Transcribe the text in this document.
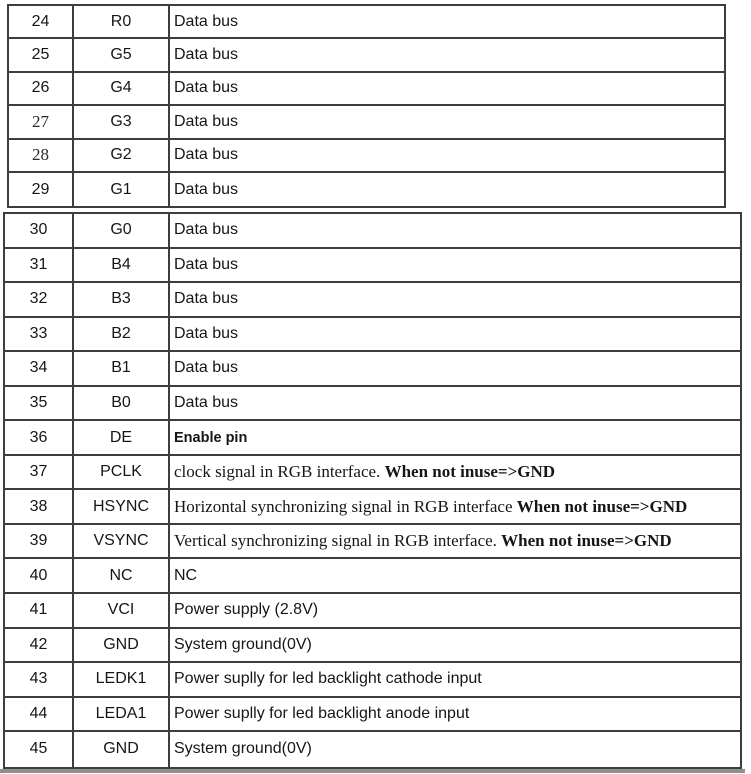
24	R0	Data bus
25	G5	Data bus
26	G4	Data bus
27	G3	Data bus
28	G2	Data bus
29	G1	Data bus
30	G0	Data bus
31	B4	Data bus
32	B3	Data bus
33	B2	Data bus
34	B1	Data bus
35	B0	Data bus
36	DE	Enable pin
37	PCLK	clock signal in RGB interface. When not inuse=>GND
38	HSYNC	Horizontal synchronizing signal in RGB interface When not inuse=>GND
39	VSYNC	Vertical synchronizing signal in RGB interface. When not inuse=>GND
40	NC	NC
41	VCI	Power supply (2.8V)
42	GND	System ground(0V)
43	LEDK1	Power suplly for led backlight cathode input
44	LEDA1	Power suplly for led backlight anode input
45	GND	System ground(0V)
